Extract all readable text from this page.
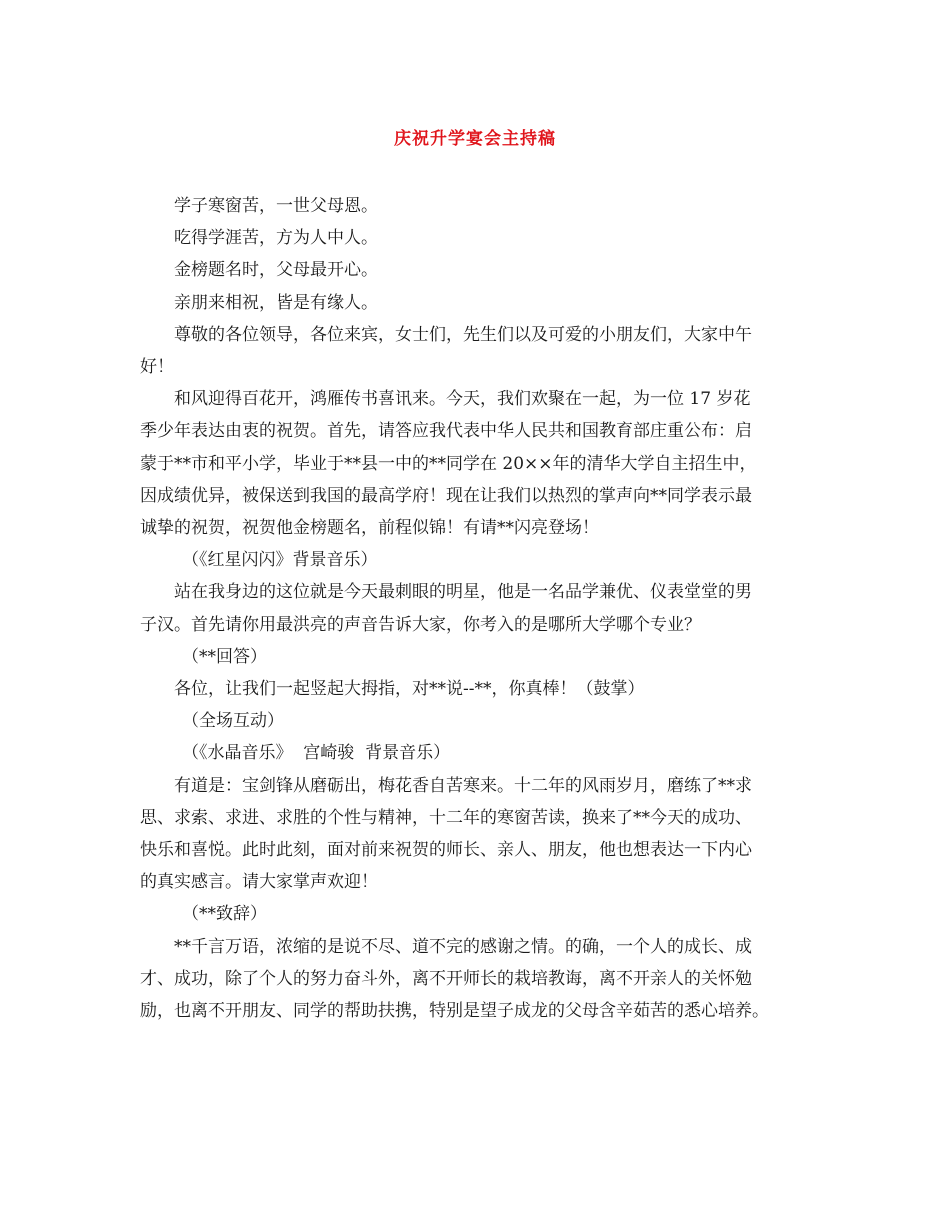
庆祝升学宴会主持稿

学子寒窗苦，一世父母恩。

吃得学涯苦，方为人中人。

金榜题名时，父母最开心。

亲朋来相祝，皆是有缘人。

尊敬的各位领导，各位来宾，女士们，先生们以及可爱的小朋友们，大家中午

好！

和风迎得百花开，鸿雁传书喜讯来。今天，我们欢聚在一起，为一位 17 岁花

季少年表达由衷的祝贺。首先，请答应我代表中华人民共和国教育部庄重公布：启

蒙于**市和平小学，毕业于**县一中的**同学在 20××年的清华大学自主招生中，

因成绩优异，被保送到我国的最高学府！现在让我们以热烈的掌声向**同学表示最

诚挚的祝贺，祝贺他金榜题名，前程似锦！有请**闪亮登场！

（《红星闪闪》背景音乐）

站在我身边的这位就是今天最刺眼的明星，他是一名品学兼优、仪表堂堂的男

子汉。首先请你用最洪亮的声音告诉大家，你考入的是哪所大学哪个专业？

（**回答）

各位，让我们一起竖起大拇指，对**说--**，你真棒！（鼓掌）

（全场互动）

（《水晶音乐》  宫崎骏  背景音乐）

有道是：宝剑锋从磨砺出，梅花香自苦寒来。十二年的风雨岁月，磨练了**求

思、求索、求进、求胜的个性与精神，十二年的寒窗苦读，换来了**今天的成功、

快乐和喜悦。此时此刻，面对前来祝贺的师长、亲人、朋友，他也想表达一下内心

的真实感言。请大家掌声欢迎！

（**致辞）

**千言万语，浓缩的是说不尽、道不完的感谢之情。的确，一个人的成长、成

才、成功，除了个人的努力奋斗外，离不开师长的栽培教诲，离不开亲人的关怀勉

励，也离不开朋友、同学的帮助扶携，特别是望子成龙的父母含辛茹苦的悉心培养。
